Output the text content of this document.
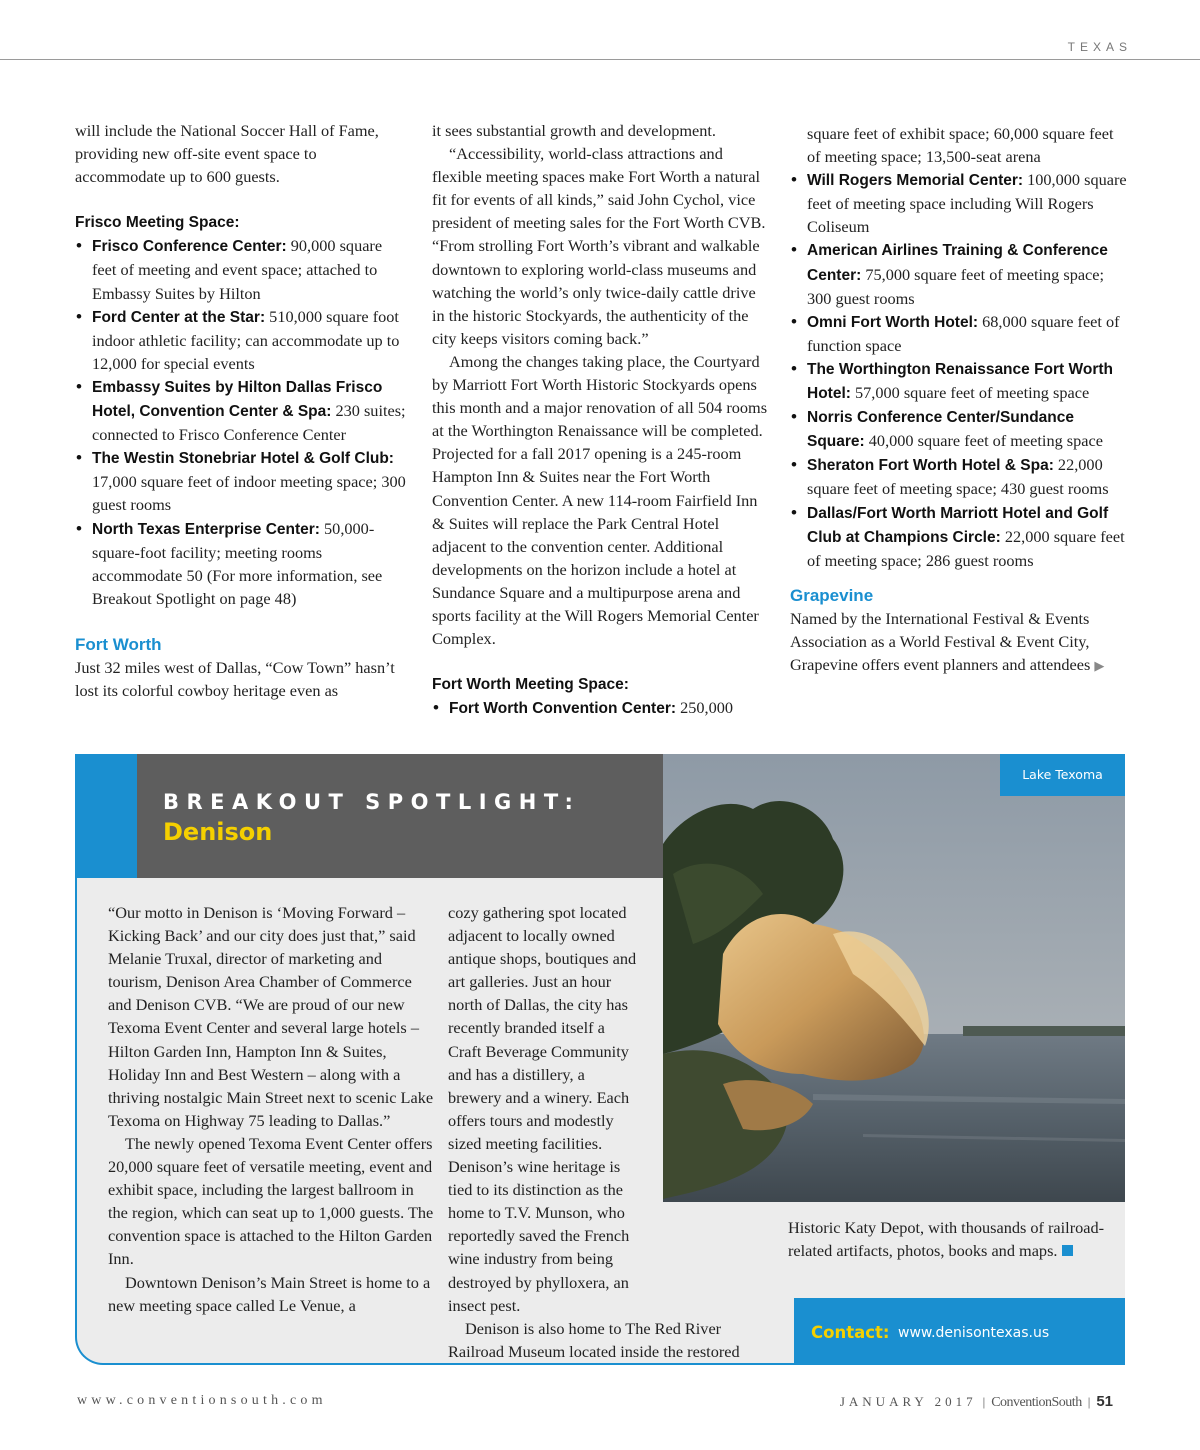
TEXAS

will include the National Soccer Hall of Fame, providing new off-site event space to accommodate up to 600 guests.

Frisco Meeting Space:

• Frisco Conference Center: 90,000 square feet of meeting and event space; attached to Embassy Suites by Hilton
• Ford Center at the Star: 510,000 square foot indoor athletic facility; can accommodate up to 12,000 for special events
• Embassy Suites by Hilton Dallas Frisco Hotel, Convention Center & Spa: 230 suites; connected to Frisco Conference Center
• The Westin Stonebriar Hotel & Golf Club: 17,000 square feet of indoor meeting space; 300 guest rooms
• North Texas Enterprise Center: 50,000-square-foot facility; meeting rooms accommodate 50 (For more information, see Breakout Spotlight on page 48)

Fort Worth

Just 32 miles west of Dallas, “Cow Town” hasn’t lost its colorful cowboy heritage even as

it sees substantial growth and development.

“Accessibility, world-class attractions and flexible meeting spaces make Fort Worth a natural fit for events of all kinds,” said John Cychol, vice president of meeting sales for the Fort Worth CVB. “From strolling Fort Worth’s vibrant and walkable downtown to exploring world-class museums and watching the world’s only twice-daily cattle drive in the historic Stockyards, the authenticity of the city keeps visitors coming back.”

Among the changes taking place, the Courtyard by Marriott Fort Worth Historic Stockyards opens this month and a major renovation of all 504 rooms at the Worthington Renaissance will be completed. Projected for a fall 2017 opening is a 245-room Hampton Inn & Suites near the Fort Worth Convention Center. A new 114-room Fairfield Inn & Suites will replace the Park Central Hotel adjacent to the convention center. Additional developments on the horizon include a hotel at Sundance Square and a multipurpose arena and sports facility at the Will Rogers Memorial Center Complex.

Fort Worth Meeting Space:

• Fort Worth Convention Center: 250,000

square feet of exhibit space; 60,000 square feet of meeting space; 13,500-seat arena

• Will Rogers Memorial Center: 100,000 square feet of meeting space including Will Rogers Coliseum
• American Airlines Training & Conference Center: 75,000 square feet of meeting space; 300 guest rooms
• Omni Fort Worth Hotel: 68,000 square feet of function space
• The Worthington Renaissance Fort Worth Hotel: 57,000 square feet of meeting space
• Norris Conference Center/Sundance Square: 40,000 square feet of meeting space
• Sheraton Fort Worth Hotel & Spa: 22,000 square feet of meeting space; 430 guest rooms
• Dallas/Fort Worth Marriott Hotel and Golf Club at Champions Circle: 22,000 square feet of meeting space; 286 guest rooms

Grapevine

Named by the International Festival & Events Association as a World Festival & Event City, Grapevine offers event planners and attendees ▶

BREAKOUT SPOTLIGHT:
Denison
Lake Texoma

“Our motto in Denison is ‘Moving Forward – Kicking Back’ and our city does just that,” said Melanie Truxal, director of marketing and tourism, Denison Area Chamber of Commerce and Denison CVB. “We are proud of our new Texoma Event Center and several large hotels – Hilton Garden Inn, Hampton Inn & Suites, Holiday Inn and Best Western – along with a thriving nostalgic Main Street next to scenic Lake Texoma on Highway 75 leading to Dallas.”

The newly opened Texoma Event Center offers 20,000 square feet of versatile meeting, event and exhibit space, including the largest ballroom in the region, which can seat up to 1,000 guests. The convention space is attached to the Hilton Garden Inn.

Downtown Denison’s Main Street is home to a new meeting space called Le Venue, a

cozy gathering spot located adjacent to locally owned antique shops, boutiques and art galleries. Just an hour north of Dallas, the city has recently branded itself a Craft Beverage Community and has a distillery, a brewery and a winery. Each offers tours and modestly sized meeting facilities. Denison’s wine heritage is tied to its distinction as the home to T.V. Munson, who reportedly saved the French wine industry from being destroyed by phylloxera, an insect pest.

Denison is also home to The Red River Railroad Museum located inside the restored

Historic Katy Depot, with thousands of railroad-related artifacts, photos, books and maps.

Contact: www.denisontexas.us
www.conventionsouth.com	JANUARY 2017 | ConventionSouth | 51
